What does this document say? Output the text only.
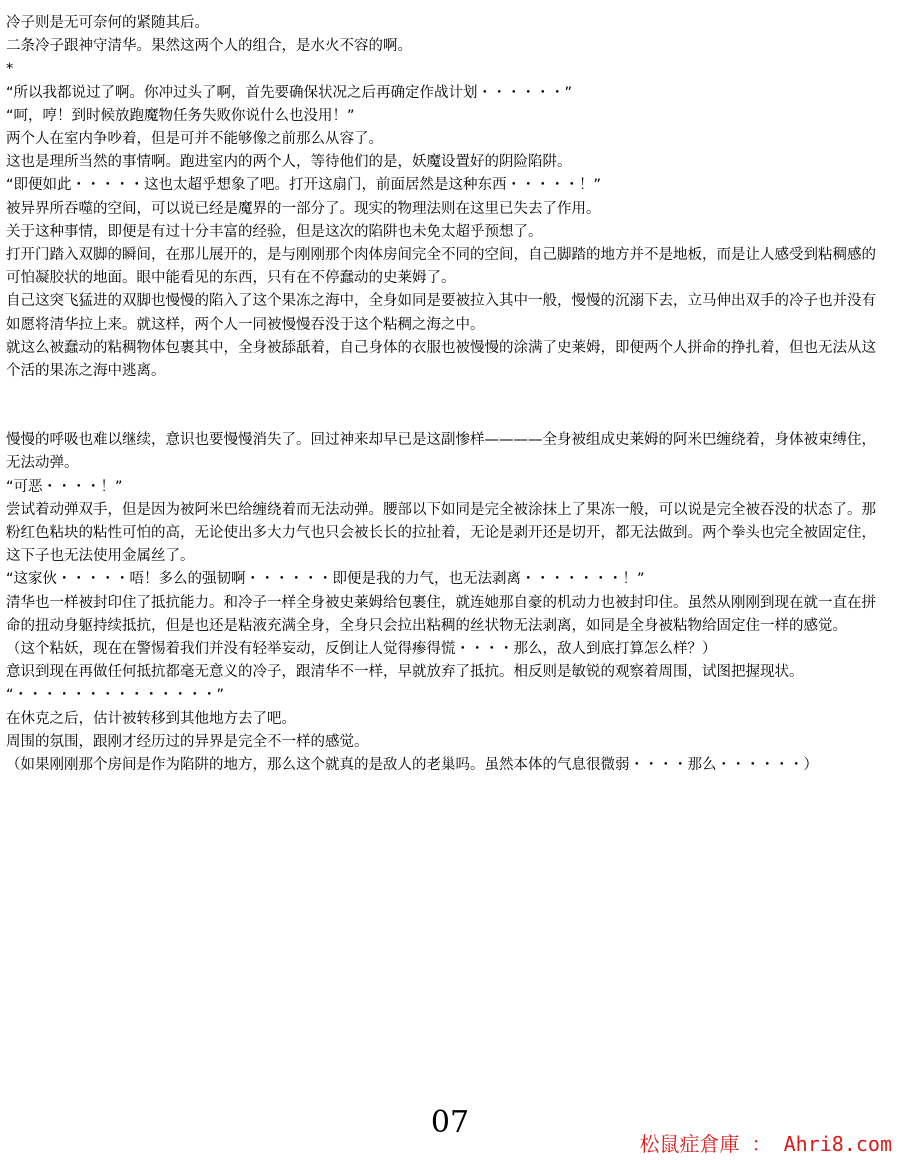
冷子则是无可奈何的紧随其后。

二条冷子跟神守清华。果然这两个人的组合，是水火不容的啊。

*

“所以我都说过了啊。你冲过头了啊，首先要确保状况之后再确定作战计划・・・・・・”

“呵，哼！到时候放跑魔物任务失败你说什么也没用！”

两个人在室内争吵着，但是可并不能够像之前那么从容了。

这也是理所当然的事情啊。跑进室内的两个人，等待他们的是，妖魔设置好的阴险陷阱。

“即便如此・・・・・这也太超乎想象了吧。打开这扇门，前面居然是这种东西・・・・・！”

被异界所吞噬的空间，可以说已经是魔界的一部分了。现实的物理法则在这里已失去了作用。

关于这种事情，即便是有过十分丰富的经验，但是这次的陷阱也未免太超乎预想了。

打开门踏入双脚的瞬间，在那儿展开的，是与刚刚那个肉体房间完全不同的空间，自己脚踏的地方并不是地板，而是让人感受到粘稠感的可怕凝胶状的地面。眼中能看见的东西，只有在不停蠢动的史莱姆了。

自己这突飞猛进的双脚也慢慢的陷入了这个果冻之海中，全身如同是要被拉入其中一般，慢慢的沉溺下去，立马伸出双手的冷子也并没有如愿将清华拉上来。就这样，两个人一同被慢慢吞没于这个粘稠之海之中。

就这么被蠢动的粘稠物体包裹其中，全身被舔舐着，自己身体的衣服也被慢慢的涂满了史莱姆，即便两个人拼命的挣扎着，但也无法从这个活的果冻之海中逃离。

慢慢的呼吸也难以继续，意识也要慢慢消失了。回过神来却早已是这副惨样————全身被组成史莱姆的阿米巴缠绕着，身体被束缚住，无法动弹。

“可恶・・・・！”

尝试着动弹双手，但是因为被阿米巴给缠绕着而无法动弹。腰部以下如同是完全被涂抹上了果冻一般，可以说是完全被吞没的状态了。那粉红色粘块的粘性可怕的高，无论使出多大力气也只会被长长的拉扯着，无论是剥开还是切开，都无法做到。两个拳头也完全被固定住，这下子也无法使用金属丝了。

“这家伙・・・・・唔！多么的强韧啊・・・・・・即便是我的力气，也无法剥离・・・・・・・！”

清华也一样被封印住了抵抗能力。和冷子一样全身被史莱姆给包裹住，就连她那自豪的机动力也被封印住。虽然从刚刚到现在就一直在拼命的扭动身躯持续抵抗，但是也还是粘液充满全身，全身只会拉出粘稠的丝状物无法剥离，如同是全身被粘物给固定住一样的感觉。

（这个粘妖，现在在警惕着我们并没有轻举妄动，反倒让人觉得瘆得慌・・・・那么，敌人到底打算怎么样？）

意识到现在再做任何抵抗都毫无意义的冷子，跟清华不一样，早就放弃了抵抗。相反则是敏锐的观察着周围，试图把握现状。

“・・・・・・・・・・・・・・”

在休克之后，估计被转移到其他地方去了吧。

周围的氛围，跟刚才经历过的异界是完全不一样的感觉。

（如果刚刚那个房间是作为陷阱的地方，那么这个就真的是敌人的老巢吗。虽然本体的气息很微弱・・・・那么・・・・・・）

07
松鼠症倉庫 ： Ahri8.com
